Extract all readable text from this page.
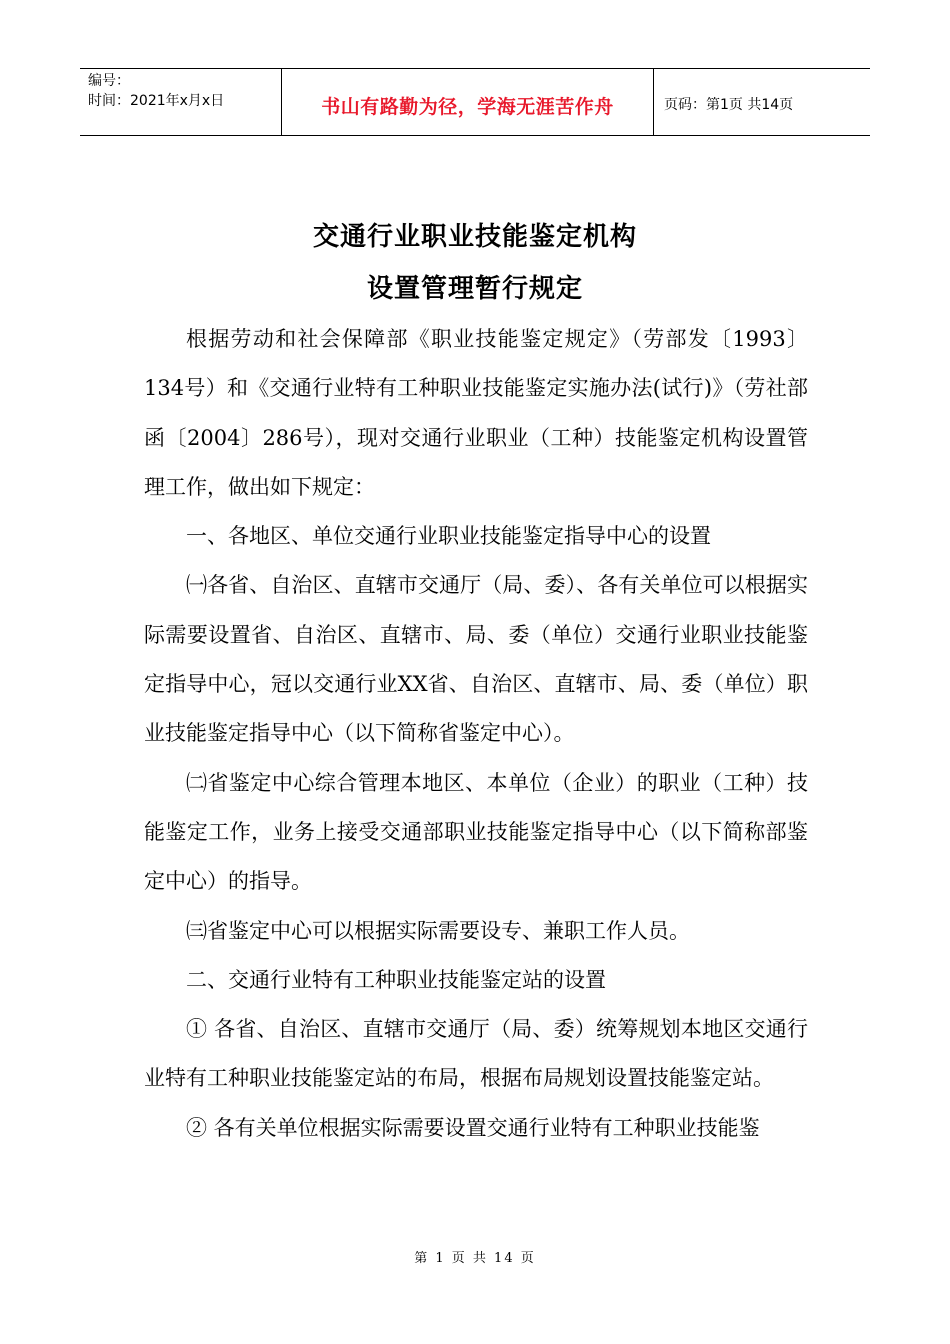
编号：
时间：2021年x月x日	书山有路勤为径，学海无涯苦作舟	页码：第1页 共14页
交通行业职业技能鉴定机构
设置管理暂行规定

根据劳动和社会保障部《职业技能鉴定规定》（劳部发〔1993〕134号）和《交通行业特有工种职业技能鉴定实施办法(试行)》（劳社部函〔2004〕286号），现对交通行业职业（工种）技能鉴定机构设置管理工作，做出如下规定：

一、各地区、单位交通行业职业技能鉴定指导中心的设置

㈠各省、自治区、直辖市交通厅（局、委）、各有关单位可以根据实际需要设置省、自治区、直辖市、局、委（单位）交通行业职业技能鉴定指导中心，冠以交通行业XX省、自治区、直辖市、局、委（单位）职业技能鉴定指导中心（以下简称省鉴定中心）。

㈡省鉴定中心综合管理本地区、本单位（企业）的职业（工种）技能鉴定工作，业务上接受交通部职业技能鉴定指导中心（以下简称部鉴定中心）的指导。

㈢省鉴定中心可以根据实际需要设专、兼职工作人员。

二、交通行业特有工种职业技能鉴定站的设置

① 各省、自治区、直辖市交通厅（局、委）统筹规划本地区交通行业特有工种职业技能鉴定站的布局，根据布局规划设置技能鉴定站。

② 各有关单位根据实际需要设置交通行业特有工种职业技能鉴

第 1 页 共 14 页
